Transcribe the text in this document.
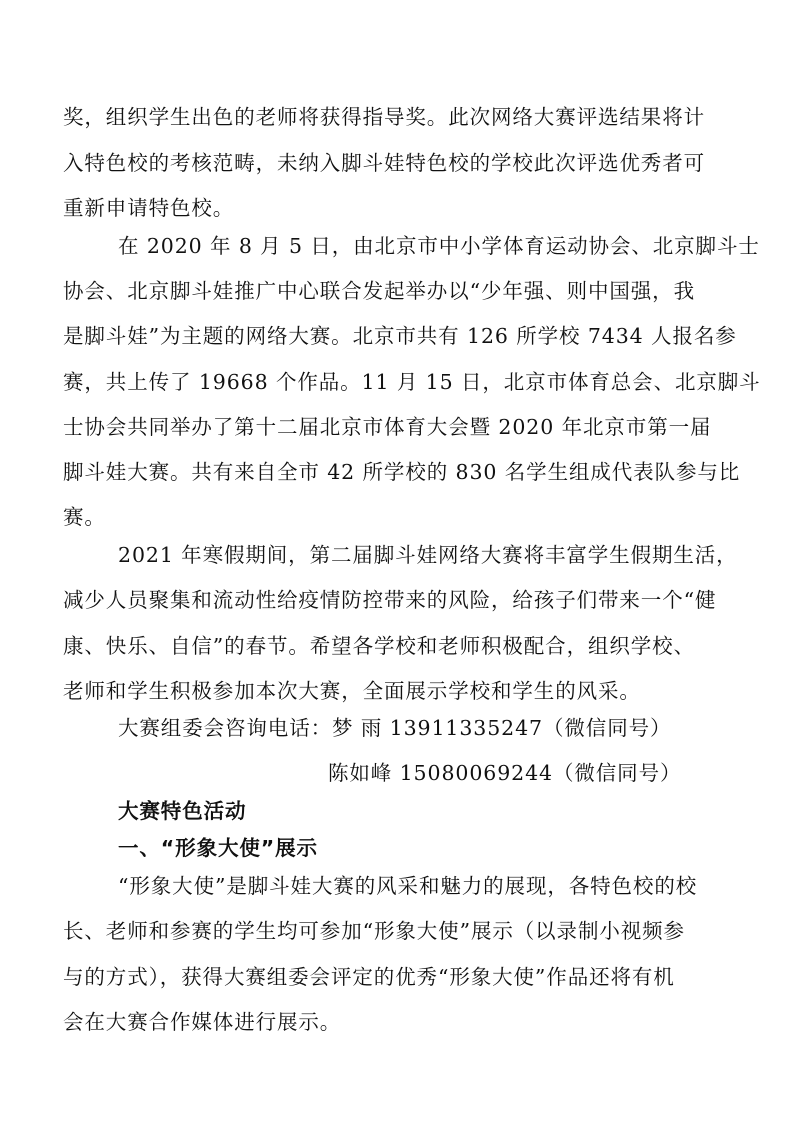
奖，组织学生出色的老师将获得指导奖。此次网络大赛评选结果将计
入特色校的考核范畴，未纳入脚斗娃特色校的学校此次评选优秀者可
重新申请特色校。
在 2020 年 8 月 5 日，由北京市中小学体育运动协会、北京脚斗士
协会、北京脚斗娃推广中心联合发起举办以“少年强、则中国强，我
是脚斗娃”为主题的网络大赛。北京市共有 126 所学校 7434 人报名参
赛，共上传了 19668 个作品。11 月 15 日，北京市体育总会、北京脚斗
士协会共同举办了第十二届北京市体育大会暨 2020 年北京市第一届
脚斗娃大赛。共有来自全市 42 所学校的 830 名学生组成代表队参与比
赛。
2021 年寒假期间，第二届脚斗娃网络大赛将丰富学生假期生活，
减少人员聚集和流动性给疫情防控带来的风险，给孩子们带来一个“健
康、快乐、自信”的春节。希望各学校和老师积极配合，组织学校、
老师和学生积极参加本次大赛，全面展示学校和学生的风采。
大赛组委会咨询电话：梦 雨 13911335247（微信同号）
陈如峰 15080069244（微信同号）
大赛特色活动
一、“形象大使”展示
“形象大使”是脚斗娃大赛的风采和魅力的展现，各特色校的校
长、老师和参赛的学生均可参加“形象大使”展示（以录制小视频参
与的方式），获得大赛组委会评定的优秀“形象大使”作品还将有机
会在大赛合作媒体进行展示。
